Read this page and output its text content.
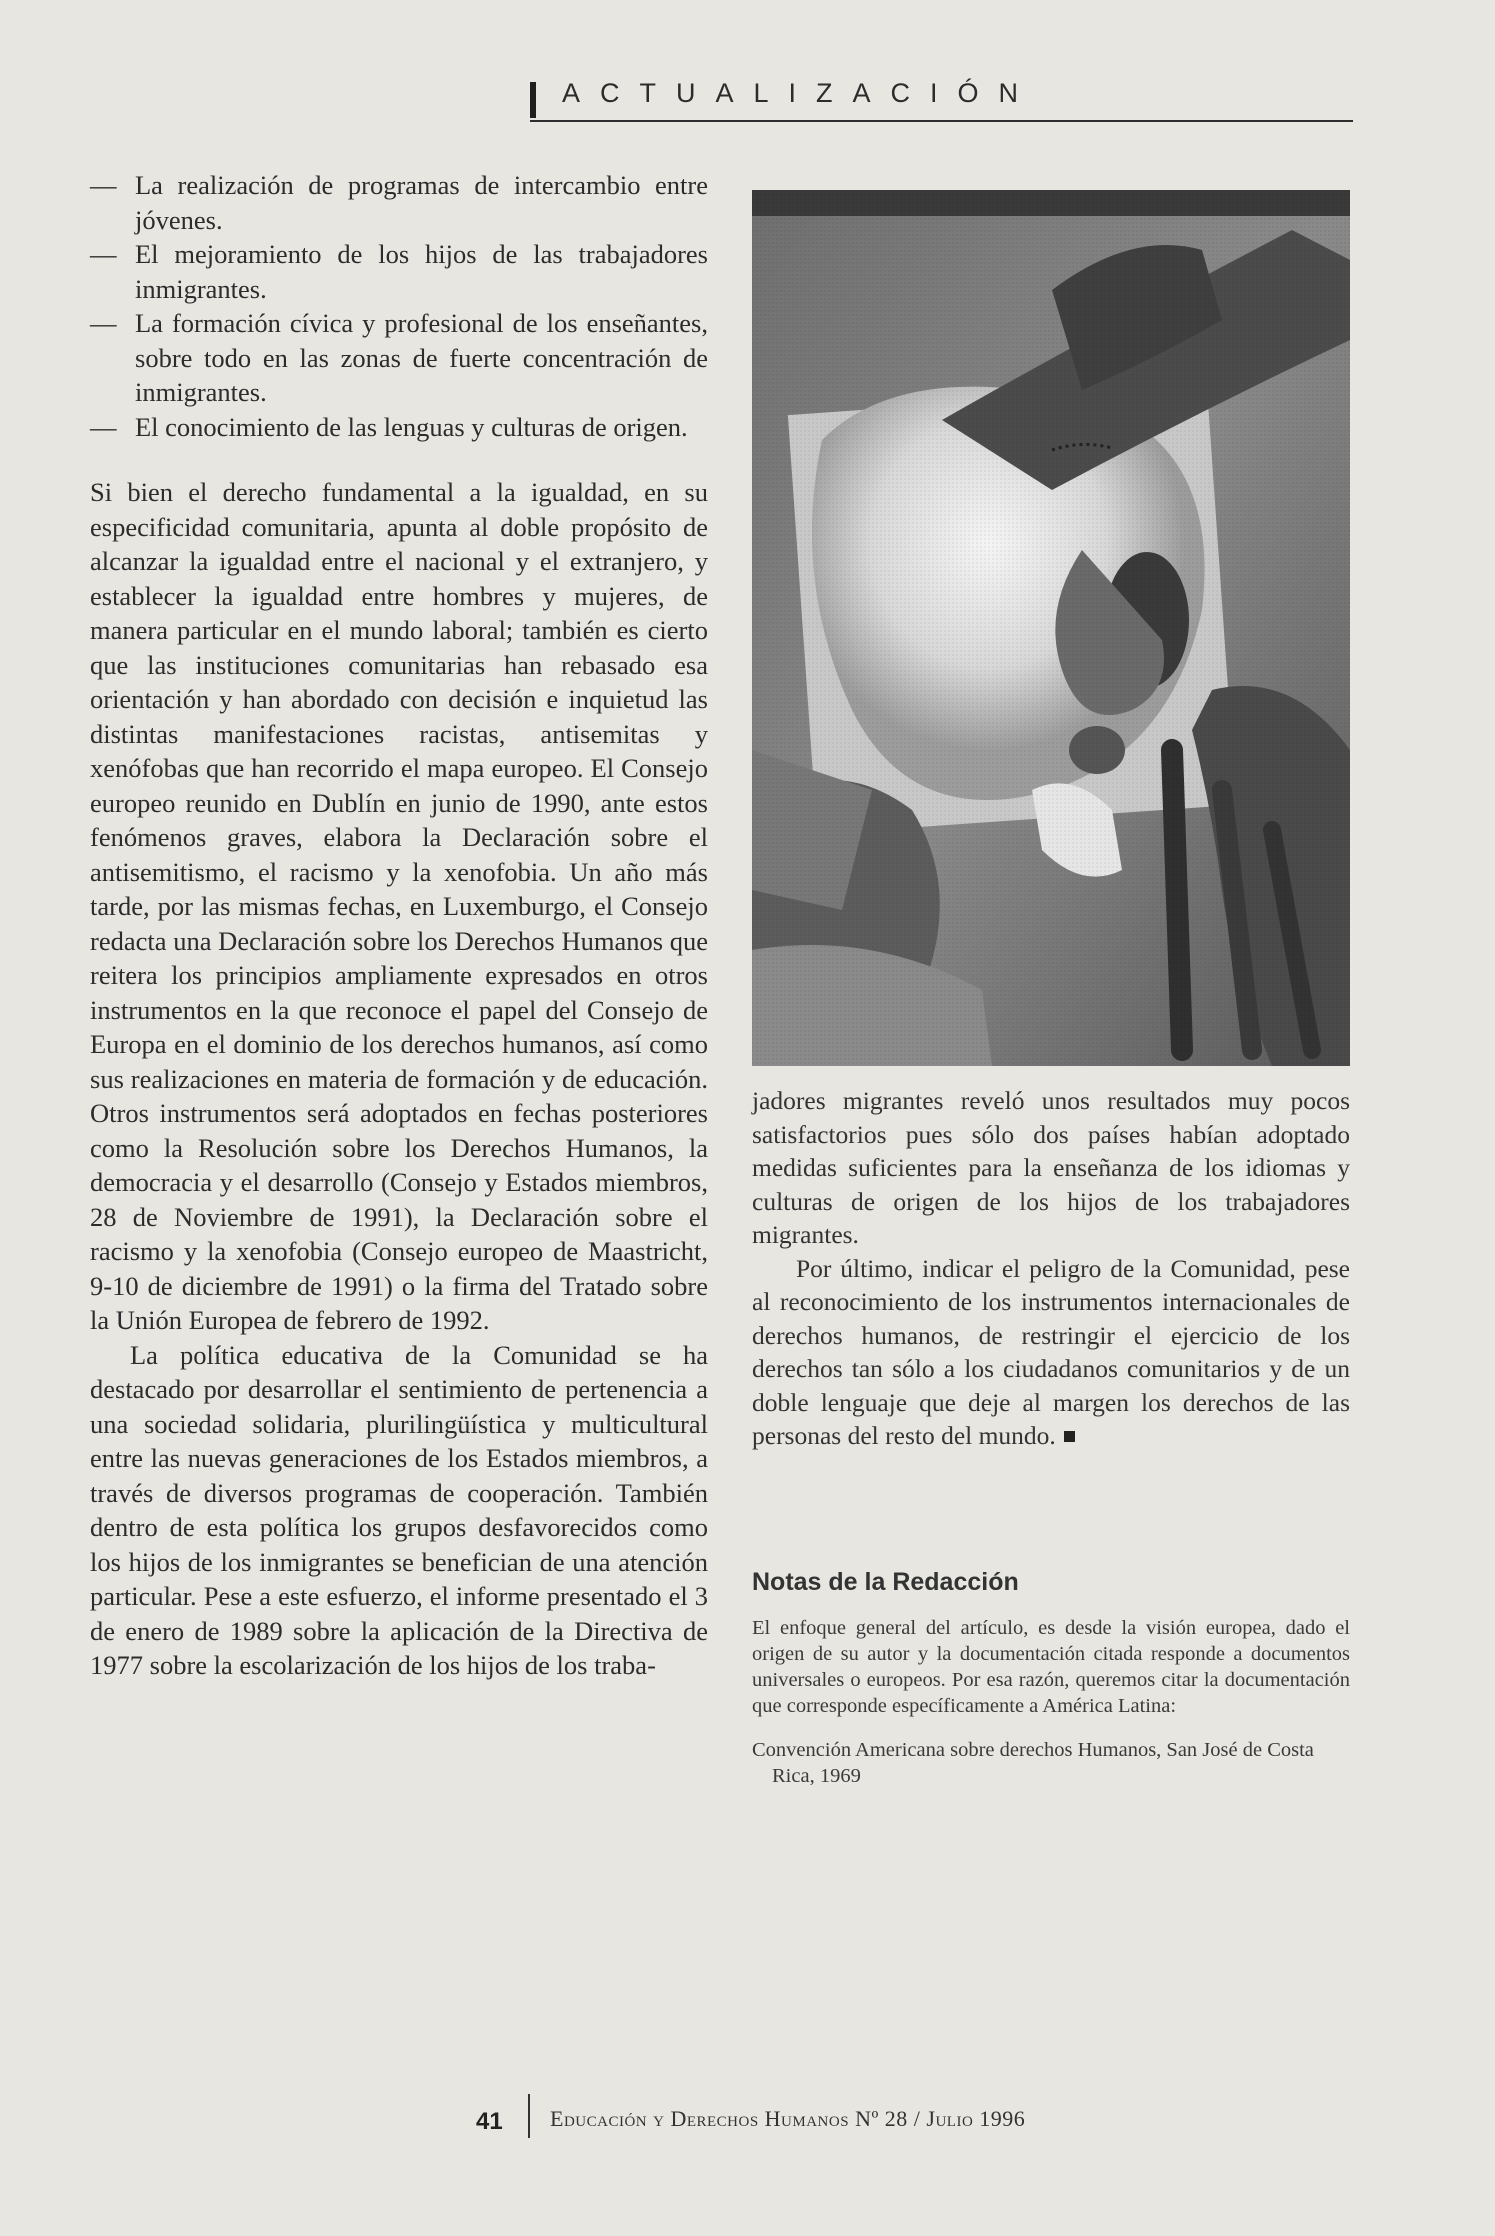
ACTUALIZACIÓN
— La realización de programas de intercambio entre jóvenes.
— El mejoramiento de los hijos de las trabajadores inmigrantes.
— La formación cívica y profesional de los enseñantes, sobre todo en las zonas de fuerte concentración de inmigrantes.
— El conocimiento de las lenguas y culturas de origen.

Si bien el derecho fundamental a la igualdad, en su especificidad comunitaria, apunta al doble propósito de alcanzar la igualdad entre el nacional y el extranjero, y establecer la igualdad entre hombres y mujeres, de manera particular en el mundo laboral; también es cierto que las instituciones comunitarias han rebasado esa orientación y han abordado con decisión e inquietud las distintas manifestaciones racistas, antisemitas y xenófobas que han recorrido el mapa europeo. El Consejo europeo reunido en Dublín en junio de 1990, ante estos fenómenos graves, elabora la Declaración sobre el antisemitismo, el racismo y la xenofobia. Un año más tarde, por las mismas fechas, en Luxemburgo, el Consejo redacta una Declaración sobre los Derechos Humanos que reitera los principios ampliamente expresados en otros instrumentos en la que reconoce el papel del Consejo de Europa en el dominio de los derechos humanos, así como sus realizaciones en materia de formación y de educación. Otros instrumentos será adoptados en fechas posteriores como la Resolución sobre los Derechos Humanos, la democracia y el desarrollo (Consejo y Estados miembros, 28 de Noviembre de 1991), la Declaración sobre el racismo y la xenofobia (Consejo europeo de Maastricht, 9-10 de diciembre de 1991) o la firma del Tratado sobre la Unión Europea de febrero de 1992.

La política educativa de la Comunidad se ha destacado por desarrollar el sentimiento de pertenencia a una sociedad solidaria, plurilingüística y multicultural entre las nuevas generaciones de los Estados miembros, a través de diversos programas de cooperación. También dentro de esta política los grupos desfavorecidos como los hijos de los inmigrantes se benefician de una atención particular. Pese a este esfuerzo, el informe presentado el 3 de enero de 1989 sobre la aplicación de la Directiva de 1977 sobre la escolarización de los hijos de los traba-

jadores migrantes reveló unos resultados muy pocos satisfactorios pues sólo dos países habían adoptado medidas suficientes para la enseñanza de los idiomas y culturas de origen de los hijos de los trabajadores migrantes.

Por último, indicar el peligro de la Comunidad, pese al reconocimiento de los instrumentos internacionales de derechos humanos, de restringir el ejercicio de los derechos tan sólo a los ciudadanos comunitarios y de un doble lenguaje que deje al margen los derechos de las personas del resto del mundo.

Notas de la Redacción

El enfoque general del artículo, es desde la visión europea, dado el origen de su autor y la documentación citada responde a documentos universales o europeos. Por esa razón, queremos citar la documentación que corresponde específicamente a América Latina:

Convención Americana sobre derechos Humanos, San José de Costa Rica, 1969

41 Educación y Derechos Humanos Nº 28 / Julio 1996
